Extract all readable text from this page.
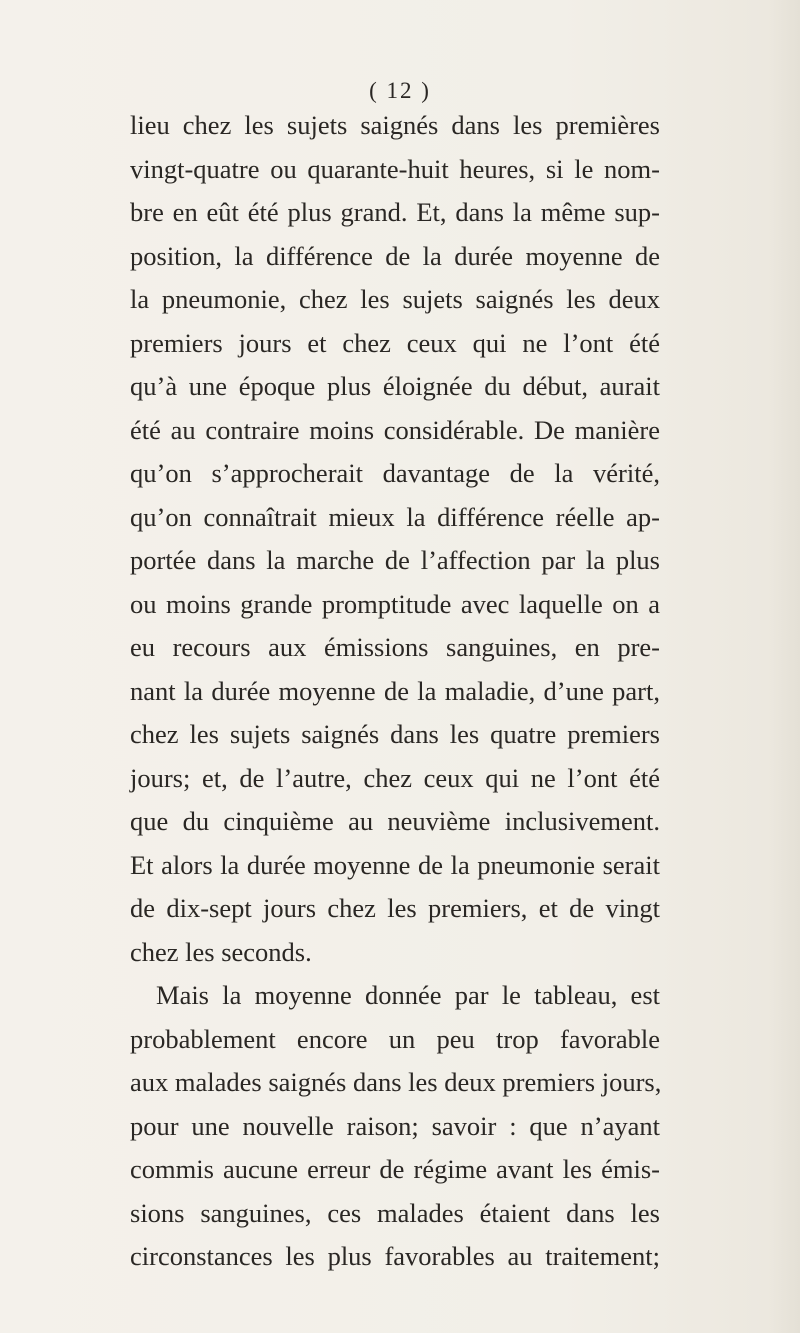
( 12 )
lieu chez les sujets saignés dans les premières
vingt-quatre ou quarante-huit heures, si le nom-
bre en eût été plus grand. Et, dans la même sup-
position, la différence de la durée moyenne de
la pneumonie, chez les sujets saignés les deux
premiers jours et chez ceux qui ne l’ont été
qu’à une époque plus éloignée du début, aurait
été au contraire moins considérable. De manière
qu’on s’approcherait davantage de la vérité,
qu’on connaîtrait mieux la différence réelle ap-
portée dans la marche de l’affection par la plus
ou moins grande promptitude avec laquelle on a
eu recours aux émissions sanguines, en pre-
nant la durée moyenne de la maladie, d’une part,
chez les sujets saignés dans les quatre premiers
jours; et, de l’autre, chez ceux qui ne l’ont été
que du cinquième au neuvième inclusivement.
Et alors la durée moyenne de la pneumonie serait
de dix-sept jours chez les premiers, et de vingt
chez les seconds.
Mais la moyenne donnée par le tableau, est
probablement encore un peu trop favorable
aux malades saignés dans les deux premiers jours,
pour une nouvelle raison; savoir : que n’ayant
commis aucune erreur de régime avant les émis-
sions sanguines, ces malades étaient dans les
circonstances les plus favorables au traitement;
